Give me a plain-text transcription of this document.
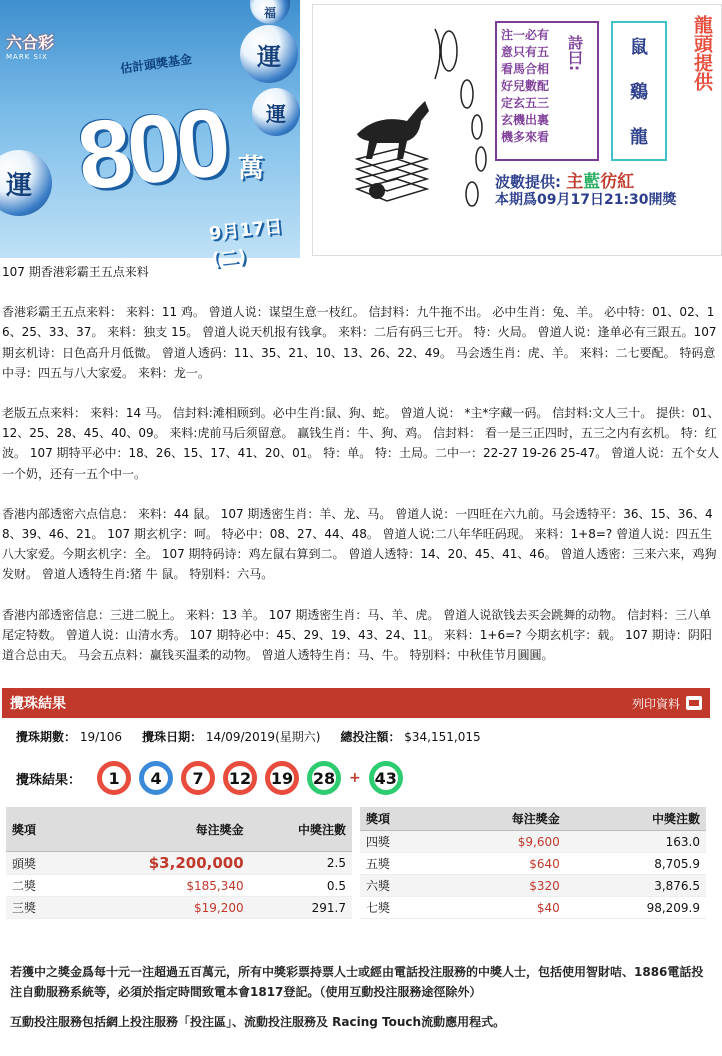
六合彩
MARK SIX	估計頭獎基金
800 萬
9月17日(二)
福
運
運
運
注一必有
意只有五
看馬合相
好兒數配
定玄五三
玄機出裏
機多來看
詩曰:	鼠
鷄
龍
龍頭提供
波數提供: 主藍彷紅
本期爲09月17日21:30開獎

107 期香港彩霸王五点来料

香港彩霸王五点来料： 来料：11 鸡。 曾道人说：谋望生意一枝红。 信封料：九牛拖不出。 必中生肖：兔、羊。 必中特：01、02、16、25、33、37。 来料：独支 15。 曾道人说天机报有钱拿。 来料：二后有码三七开。 特：火局。 曾道人说：逢单必有三跟五。107 期玄机诗：日色高升月低微。 曾道人透码：11、35、21、10、13、26、22、49。 马会透生肖：虎、羊。 来料：二七要配。 特码意中寻：四五与八大家爱。 来料：龙一。

老版五点来料： 来料：14 马。 信封料:滩相顾到。必中生肖:鼠、狗、蛇。 曾道人说： *主*字藏一码。 信封料:文人三十。 提供：01、12、25、28、45、40、09。 来料:虎前马后须留意。 赢钱生肖：牛、狗、鸡。 信封料： 看一是三正四时，五三之内有玄机。 特：红波。 107 期特平必中：18、26、15、17、41、20、01。 特：单。 特：土局。二中一：22-27 19-26 25-47。 曾道人说：五个女人一个奶，还有一五个中一。

香港内部透密六点信息： 来料：44 鼠。 107 期透密生肖：羊、龙、马。 曾道人说：一四旺在六九前。马会透特平：36、15、36、48、39、46、21。 107 期玄机字：呵。 特必中：08、27、44、48。 曾道人说:二八年华旺码现。 来料：1+8=? 曾道人说：四五生八大家爱。今期玄机字：全。 107 期特码诗：鸡左鼠右算到二。 曾道人透特：14、20、45、41、46。 曾道人透密：三来六来，鸡狗发财。 曾道人透特生肖:猪 牛 鼠。 特别料：六马。

香港内部透密信息：三进二脱上。 来料：13 羊。 107 期透密生肖：马、羊、虎。 曾道人说欲钱去买会跳舞的动物。 信封料：三八单尾定特数。 曾道人说：山清水秀。 107 期特必中：45、29、19、43、24、11。 来料：1+6=? 今期玄机字：载。 107 期诗：阴阳道合总由天。 马会五点料：赢钱买温柔的动物。 曾道人透特生肖：马、牛。 特别料：中秋佳节月圓圓。

攪珠結果	列印資料
攪珠期數： 19/106 攪珠日期： 14/09/2019(星期六) 總投注額： $34,151,015
攪珠結果：	1	4	7	12	19	28 + 43
獎項	每注獎金	中獎注數
頭獎	$3,200,000	2.5
二獎	$185,340	0.5
三獎	$19,200	291.7
獎項	每注獎金	中獎注數
四獎	$9,600	163.0
五獎	$640	8,705.9
六獎	$320	3,876.5
七獎	$40	98,209.9

若獲中之獎金爲每十元一注超過五百萬元，所有中獎彩票持票人士或經由電話投注服務的中獎人士，包括使用智財咭、1886電話投注自動服務系統等，必須於指定時間致電本會1817登記。（使用互動投注服務途徑除外）

互動投注服務包括網上投注服務「投注區」、流動投注服務及 Racing Touch流動應用程式。
